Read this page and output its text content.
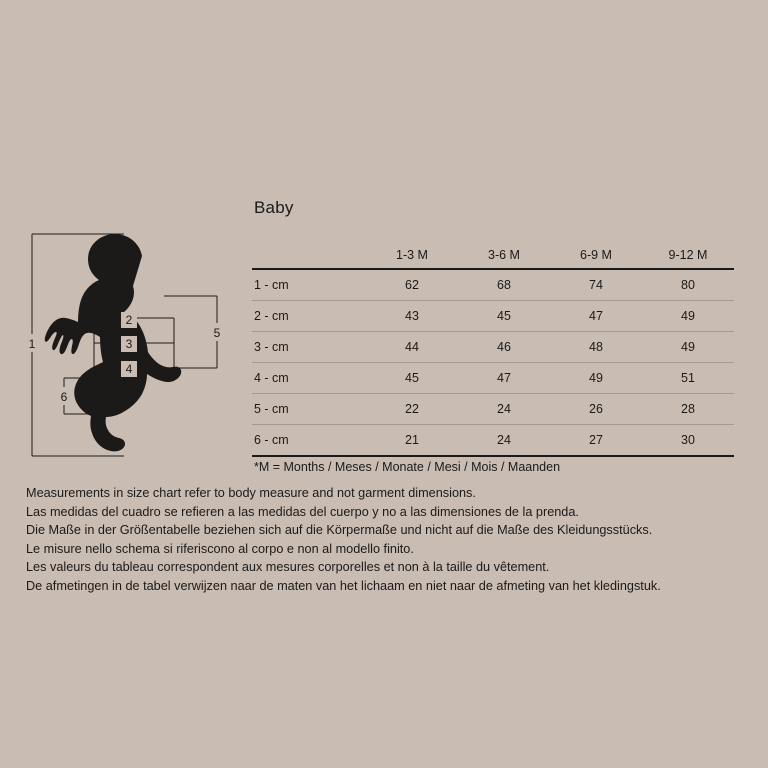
1
5
2
3
4
6
Baby
	1-3 M	3-6 M	6-9 M	9-12 M
1 - cm	62	68	74	80
2 - cm	43	45	47	49
3 - cm	44	46	48	49
4 - cm	45	47	49	51
5 - cm	22	24	26	28
6 - cm	21	24	27	30
*M = Months / Meses / Monate / Mesi / Mois / Maanden
Measurements in size chart refer to body measure and not garment dimensions.
Las medidas del cuadro se refieren a las medidas del cuerpo y no a las dimensiones de la prenda.
Die Maße in der Größentabelle beziehen sich auf die Körpermaße und nicht auf die Maße des Kleidungsstücks.
Le misure nello schema si riferiscono al corpo e non al modello finito.
Les valeurs du tableau correspondent aux mesures corporelles et non à la taille du vêtement.
De afmetingen in de tabel verwijzen naar de maten van het lichaam en niet naar de afmeting van het kledingstuk.
